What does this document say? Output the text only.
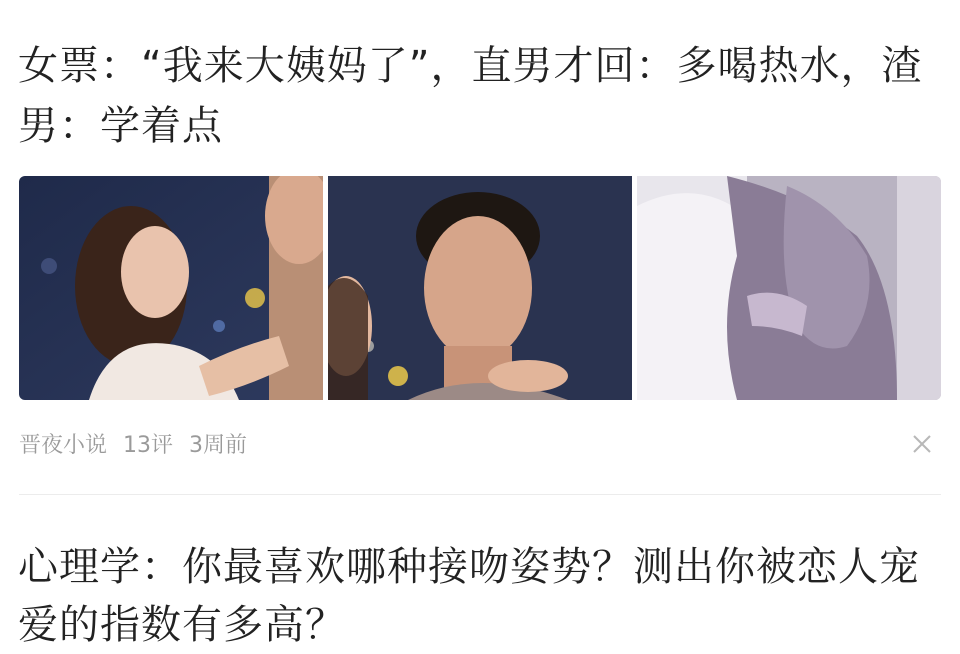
女票：“我来大姨妈了”，直男才回：多喝热水，渣男：学着点
晋夜小说 13评 3周前
心理学：你最喜欢哪种接吻姿势？测出你被恋人宠爱的指数有多高？
